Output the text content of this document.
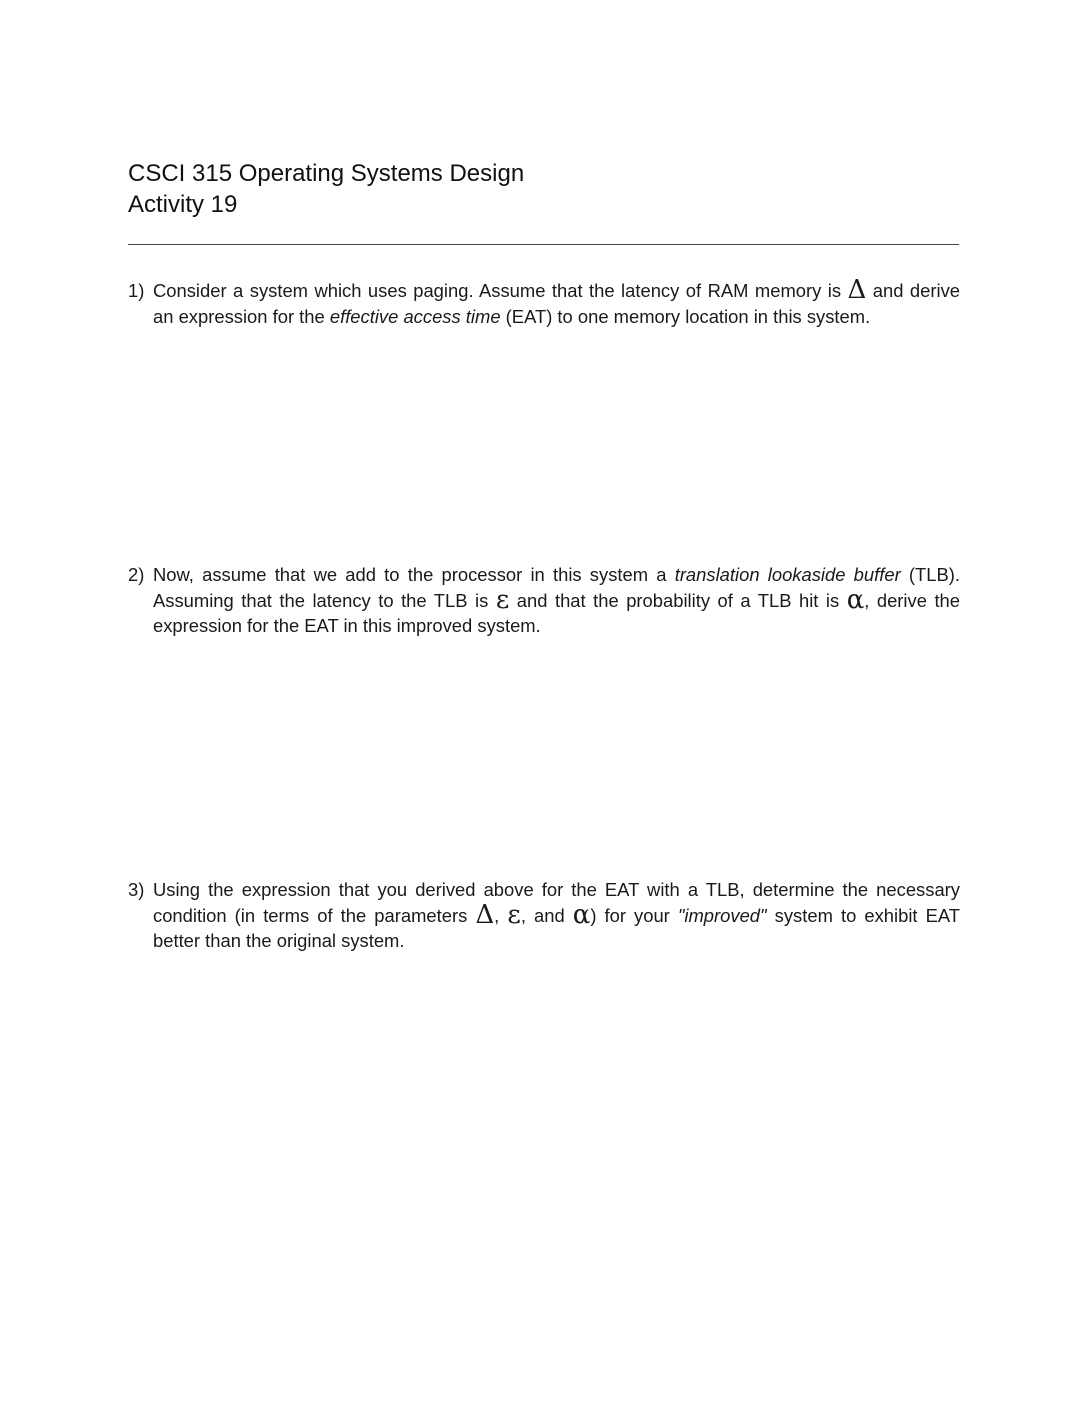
CSCI 315 Operating Systems Design
Activity 19
1) Consider a system which uses paging. Assume that the latency of RAM memory is Δ and derive an expression for the effective access time (EAT) to one memory location in this system.
2) Now, assume that we add to the processor in this system a translation lookaside buffer (TLB). Assuming that the latency to the TLB is ε and that the probability of a TLB hit is α, derive the expression for the EAT in this improved system.
3) Using the expression that you derived above for the EAT with a TLB, determine the necessary condition (in terms of the parameters Δ, ε, and α) for your "improved" system to exhibit EAT better than the original system.
